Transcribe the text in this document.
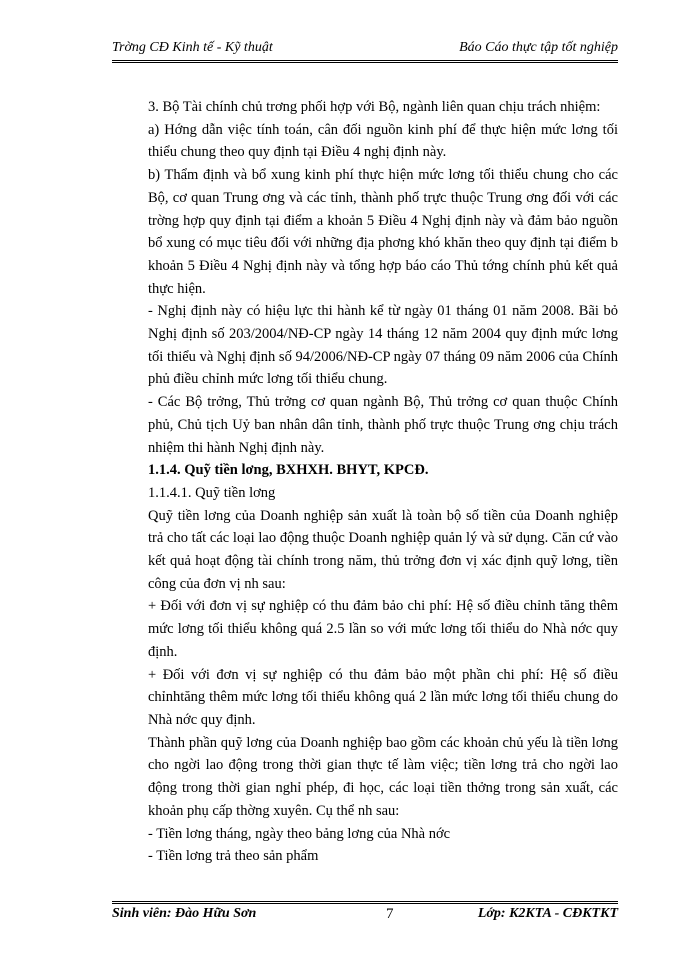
Trờng CĐ Kinh tế - Kỹ thuật	Báo Cáo thực tập tốt nghiệp

3. Bộ Tài chính chủ trơng phối hợp với Bộ, ngành liên quan chịu trách nhiệm:

a) Hớng dẫn việc tính toán, cân đối nguồn kinh phí để thực hiện mức lơng tối thiểu chung theo quy định tại Điều 4 nghị định này.

b) Thẩm định và bổ xung kinh phí thực hiện mức lơng tối thiểu chung cho các Bộ, cơ quan Trung ơng và các tỉnh, thành phố trực thuộc Trung ơng đối với các trờng hợp quy định tại điểm a khoản 5 Điều 4 Nghị định này và đảm bảo nguồn bổ xung có mục tiêu đối với những địa phơng khó khăn theo quy định tại điểm b khoản 5 Điều 4 Nghị định này và tổng hợp báo cáo Thủ tớng chính phủ kết quả thực hiện.

- Nghị định này có hiệu lực thi hành kể từ ngày 01 tháng 01 năm 2008. Bãi bỏ Nghị định số 203/2004/NĐ-CP ngày 14 tháng 12 năm 2004 quy định mức lơng tối thiểu và Nghị định số 94/2006/NĐ-CP ngày 07 tháng 09 năm 2006 của Chính phủ điều chỉnh mức lơng tối thiểu chung.

- Các Bộ trởng, Thủ trởng cơ quan ngành Bộ, Thủ trởng cơ quan thuộc Chính phủ, Chủ tịch Uỷ ban nhân dân tỉnh, thành phố trực thuộc Trung ơng chịu trách nhiệm thi hành Nghị định này.

1.1.4. Quỹ tiền lơng, BXHXH. BHYT, KPCĐ.

1.1.4.1. Quỹ tiền lơng

Quỹ tiền lơng của Doanh nghiệp sản xuất là toàn bộ số tiền của Doanh nghiệp trả cho tất các loại lao động thuộc Doanh nghiệp quản lý và sử dụng. Căn cứ vào kết quả hoạt động tài chính trong năm, thủ trởng đơn vị xác định quỹ lơng, tiền công của đơn vị nh sau:

+ Đối với đơn vị sự nghiệp có thu đảm bảo chi phí: Hệ số điều chỉnh tăng thêm mức lơng tối thiểu không quá 2.5 lần so với mức lơng tối thiểu do Nhà nớc quy định.

+ Đối với đơn vị sự nghiệp có thu đảm bảo một phần chi phí: Hệ số điều chỉnhtăng thêm mức lơng tối thiểu không quá 2 lần mức lơng tối thiểu chung do Nhà nớc quy định.

Thành phần quỹ lơng của Doanh nghiệp bao gồm các khoản chủ yếu là tiền lơng cho ngời lao động trong thời gian thực tế làm việc; tiền lơng trả cho ngời lao động trong thời gian nghỉ phép, đi học, các loại tiền thởng trong sản xuất, các khoản phụ cấp thờng xuyên. Cụ thể nh sau:

- Tiền lơng tháng, ngày theo bảng lơng của Nhà nớc

- Tiền lơng trả theo sản phẩm

Sinh viên: Đào Hữu Sơn	7	Lớp: K2KTA - CĐKTKT
